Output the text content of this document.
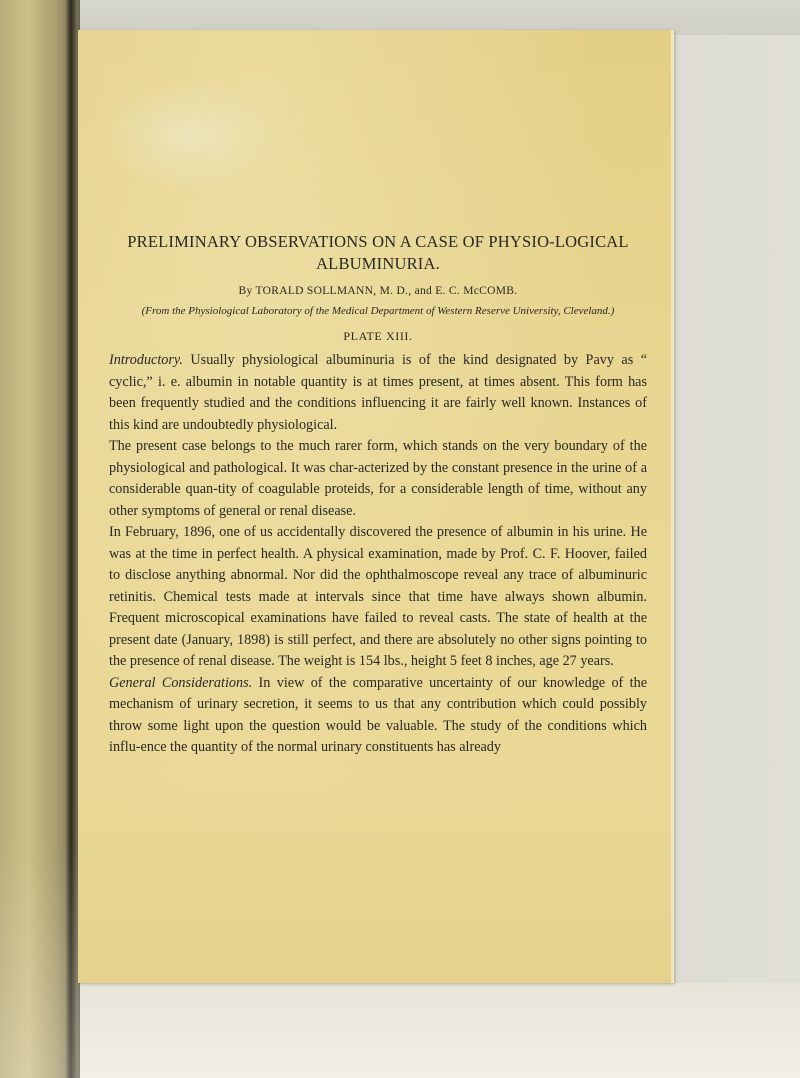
PRELIMINARY OBSERVATIONS ON A CASE OF PHYSIO-LOGICAL ALBUMINURIA.

By TORALD SOLLMANN, M. D., and E. C. McCOMB.

(From the Physiological Laboratory of the Medical Department of Western Reserve University, Cleveland.)

PLATE XIII.

Introductory. Usually physiological albuminuria is of the kind designated by Pavy as “ cyclic,” i. e. albumin in notable quantity is at times present, at times absent. This form has been frequently studied and the conditions influencing it are fairly well known. Instances of this kind are undoubtedly physiological.

The present case belongs to the much rarer form, which stands on the very boundary of the physiological and pathological. It was char-acterized by the constant presence in the urine of a considerable quan-tity of coagulable proteids, for a considerable length of time, without any other symptoms of general or renal disease.

In February, 1896, one of us accidentally discovered the presence of albumin in his urine. He was at the time in perfect health. A physical examination, made by Prof. C. F. Hoover, failed to disclose anything abnormal. Nor did the ophthalmoscope reveal any trace of albuminuric retinitis. Chemical tests made at intervals since that time have always shown albumin. Frequent microscopical examinations have failed to reveal casts. The state of health at the present date (January, 1898) is still perfect, and there are absolutely no other signs pointing to the presence of renal disease. The weight is 154 lbs., height 5 feet 8 inches, age 27 years.

General Considerations. In view of the comparative uncertainty of our knowledge of the mechanism of urinary secretion, it seems to us that any contribution which could possibly throw some light upon the question would be valuable. The study of the conditions which influ-ence the quantity of the normal urinary constituents has already
